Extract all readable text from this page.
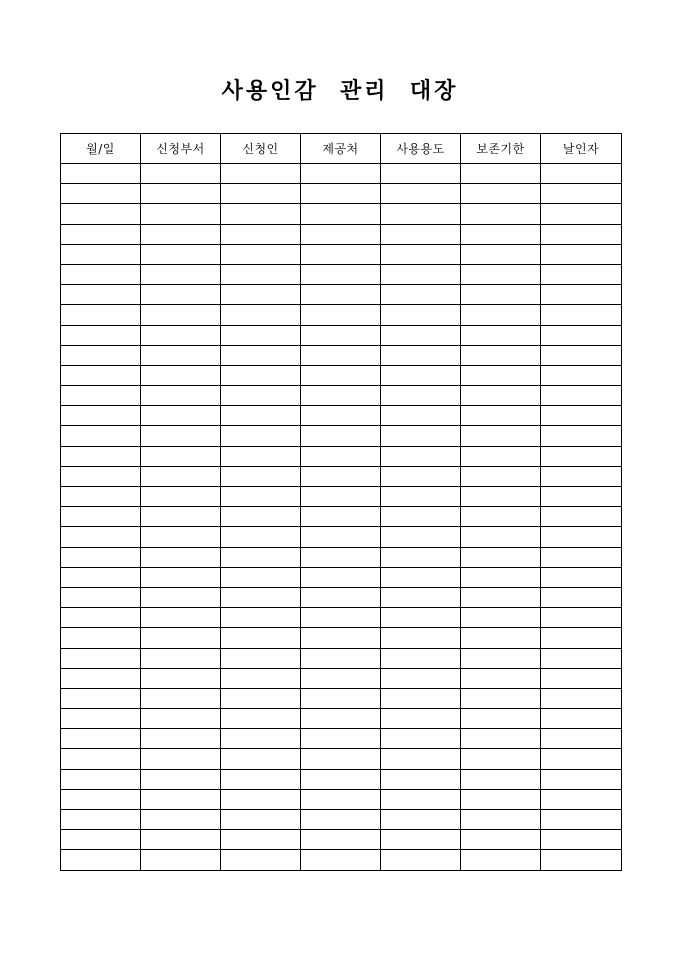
사용인감  관리  대장
월/일	신청부서	신청인	제공처	사용용도	보존기한	날인자
